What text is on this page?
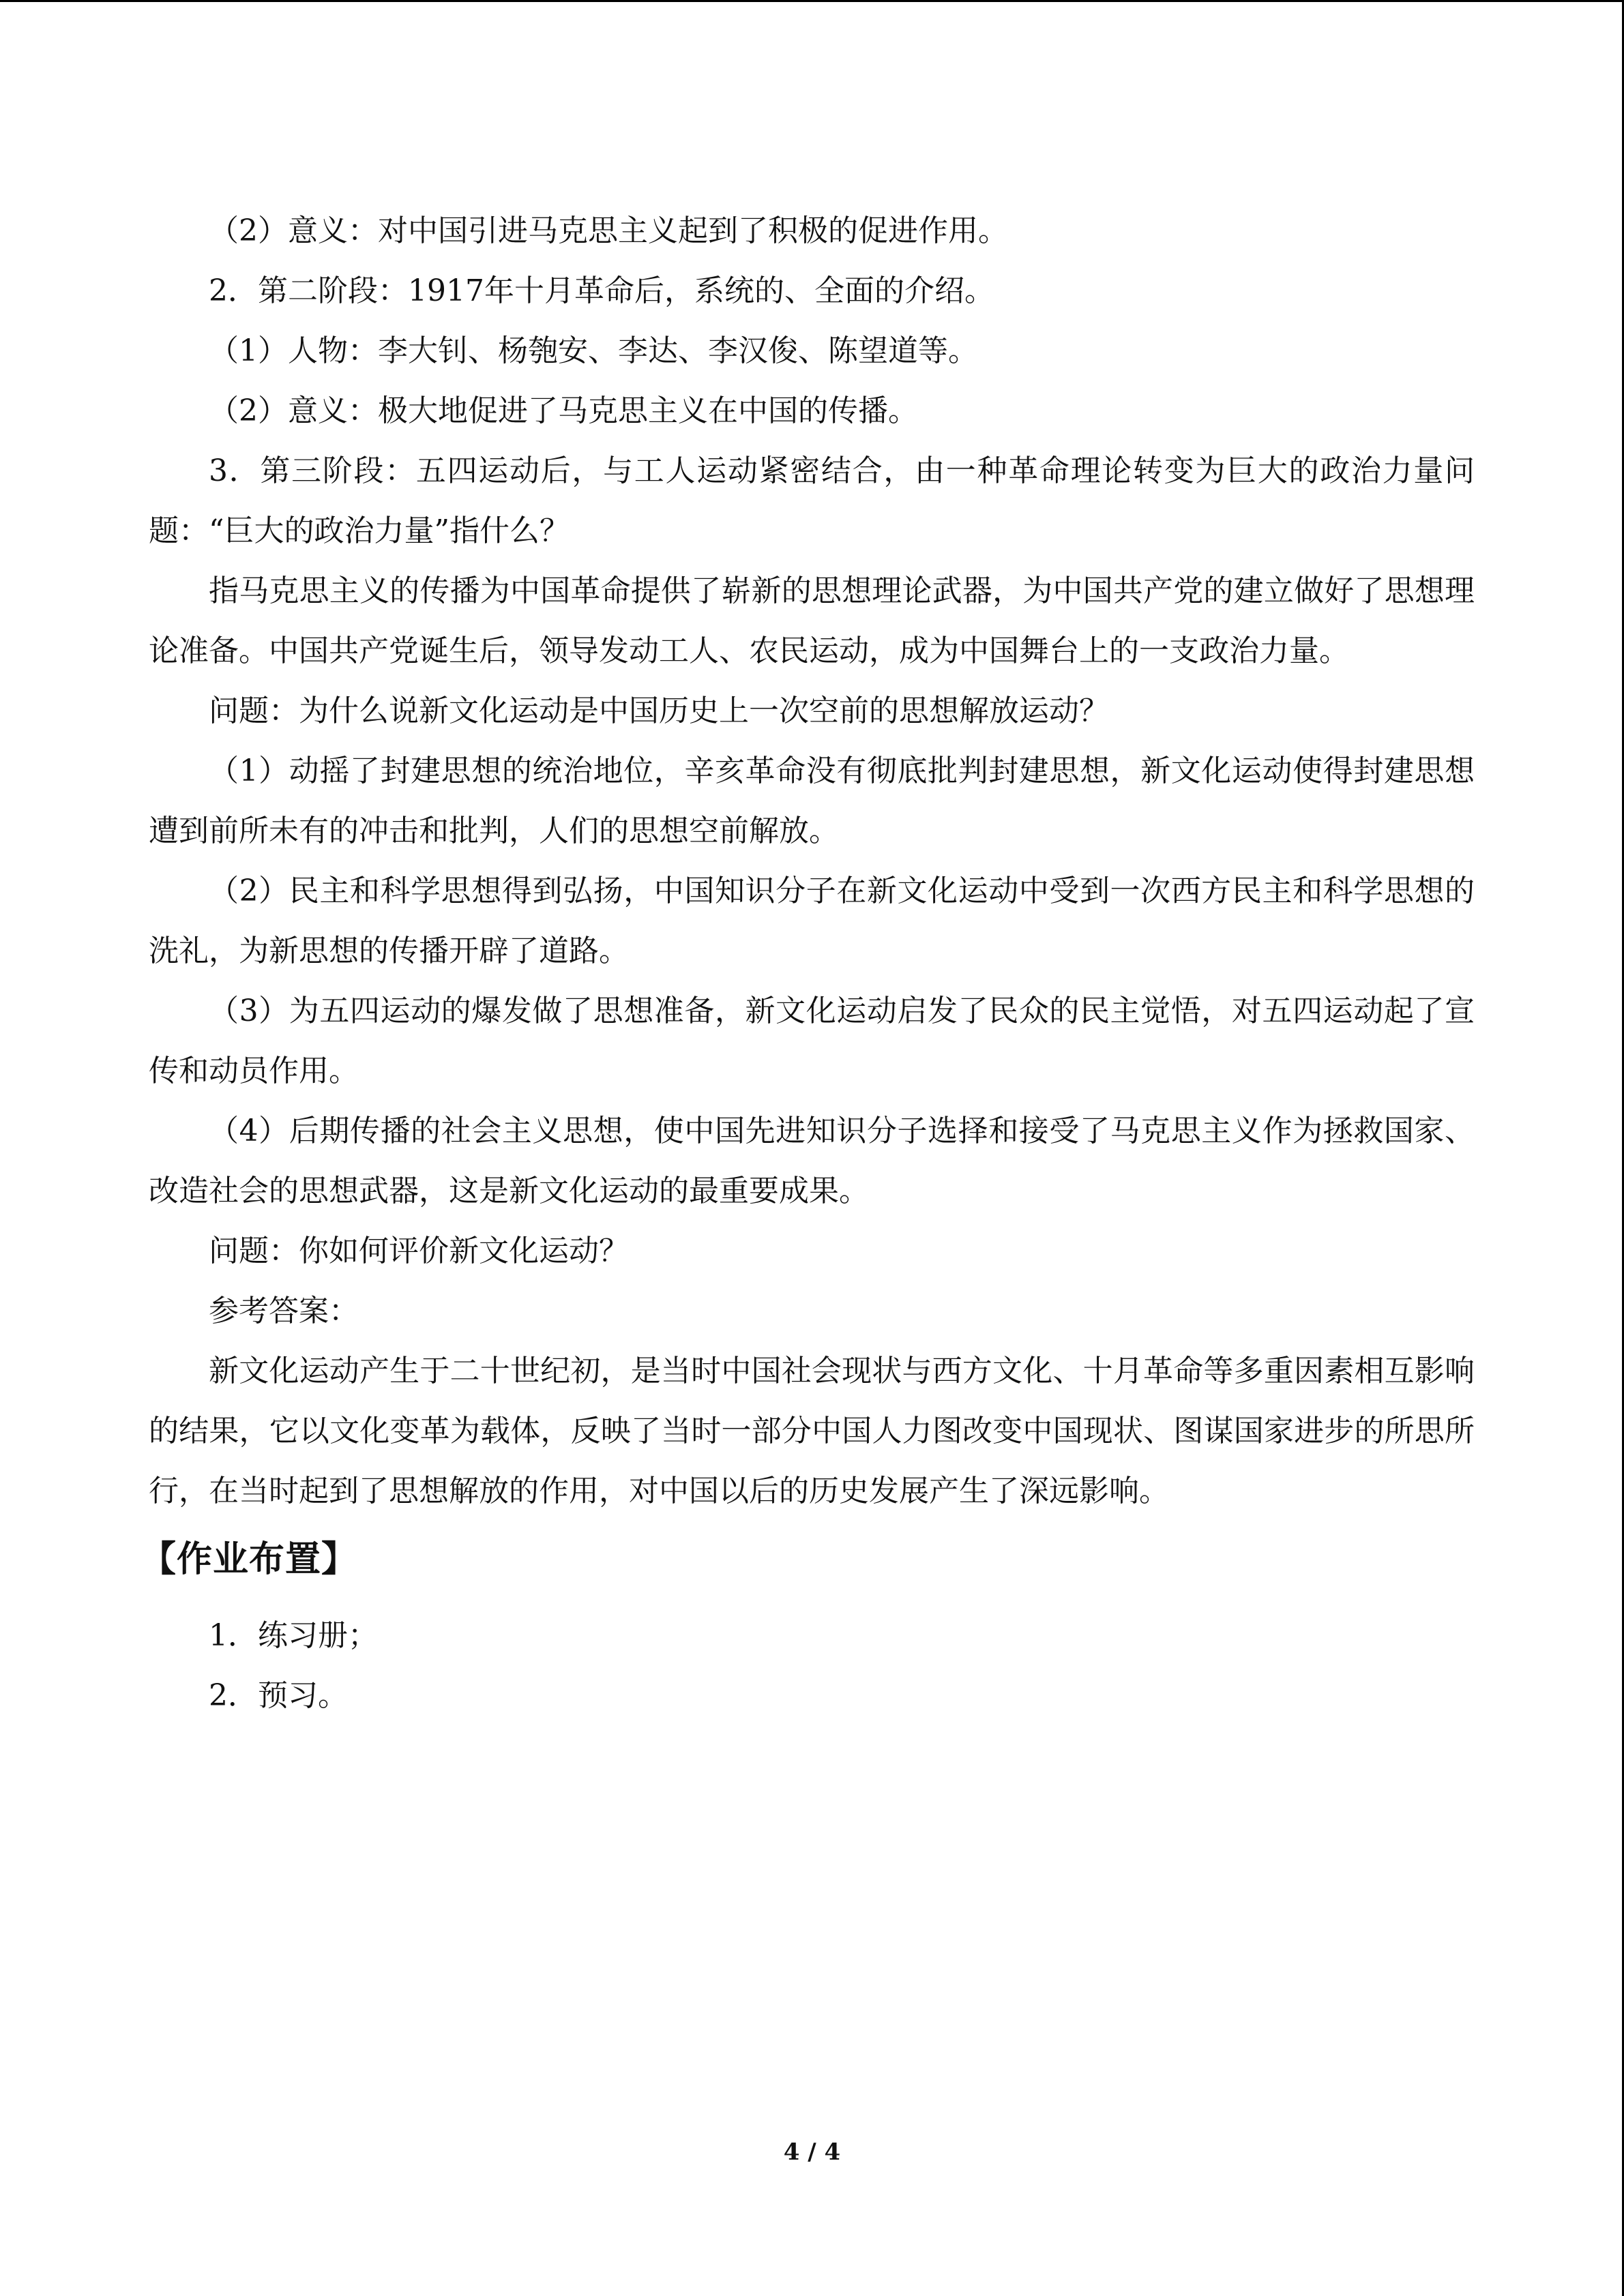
（2）意义：对中国引进马克思主义起到了积极的促进作用。

2．第二阶段：1917年十月革命后，系统的、全面的介绍。

（1）人物：李大钊、杨匏安、李达、李汉俊、陈望道等。

（2）意义：极大地促进了马克思主义在中国的传播。

3．第三阶段：五四运动后，与工人运动紧密结合，由一种革命理论转变为巨大的政治力量问题：“巨大的政治力量”指什么？

指马克思主义的传播为中国革命提供了崭新的思想理论武器，为中国共产党的建立做好了思想理论准备。中国共产党诞生后，领导发动工人、农民运动，成为中国舞台上的一支政治力量。

问题：为什么说新文化运动是中国历史上一次空前的思想解放运动？

（1）动摇了封建思想的统治地位，辛亥革命没有彻底批判封建思想，新文化运动使得封建思想遭到前所未有的冲击和批判，人们的思想空前解放。

（2）民主和科学思想得到弘扬，中国知识分子在新文化运动中受到一次西方民主和科学思想的洗礼，为新思想的传播开辟了道路。

（3）为五四运动的爆发做了思想准备，新文化运动启发了民众的民主觉悟，对五四运动起了宣传和动员作用。

（4）后期传播的社会主义思想，使中国先进知识分子选择和接受了马克思主义作为拯救国家、改造社会的思想武器，这是新文化运动的最重要成果。

问题：你如何评价新文化运动？

参考答案：

新文化运动产生于二十世纪初，是当时中国社会现状与西方文化、十月革命等多重因素相互影响的结果，它以文化变革为载体，反映了当时一部分中国人力图改变中国现状、图谋国家进步的所思所行，在当时起到了思想解放的作用，对中国以后的历史发展产生了深远影响。

【作业布置】

1．练习册；

2．预习。

4 / 4
